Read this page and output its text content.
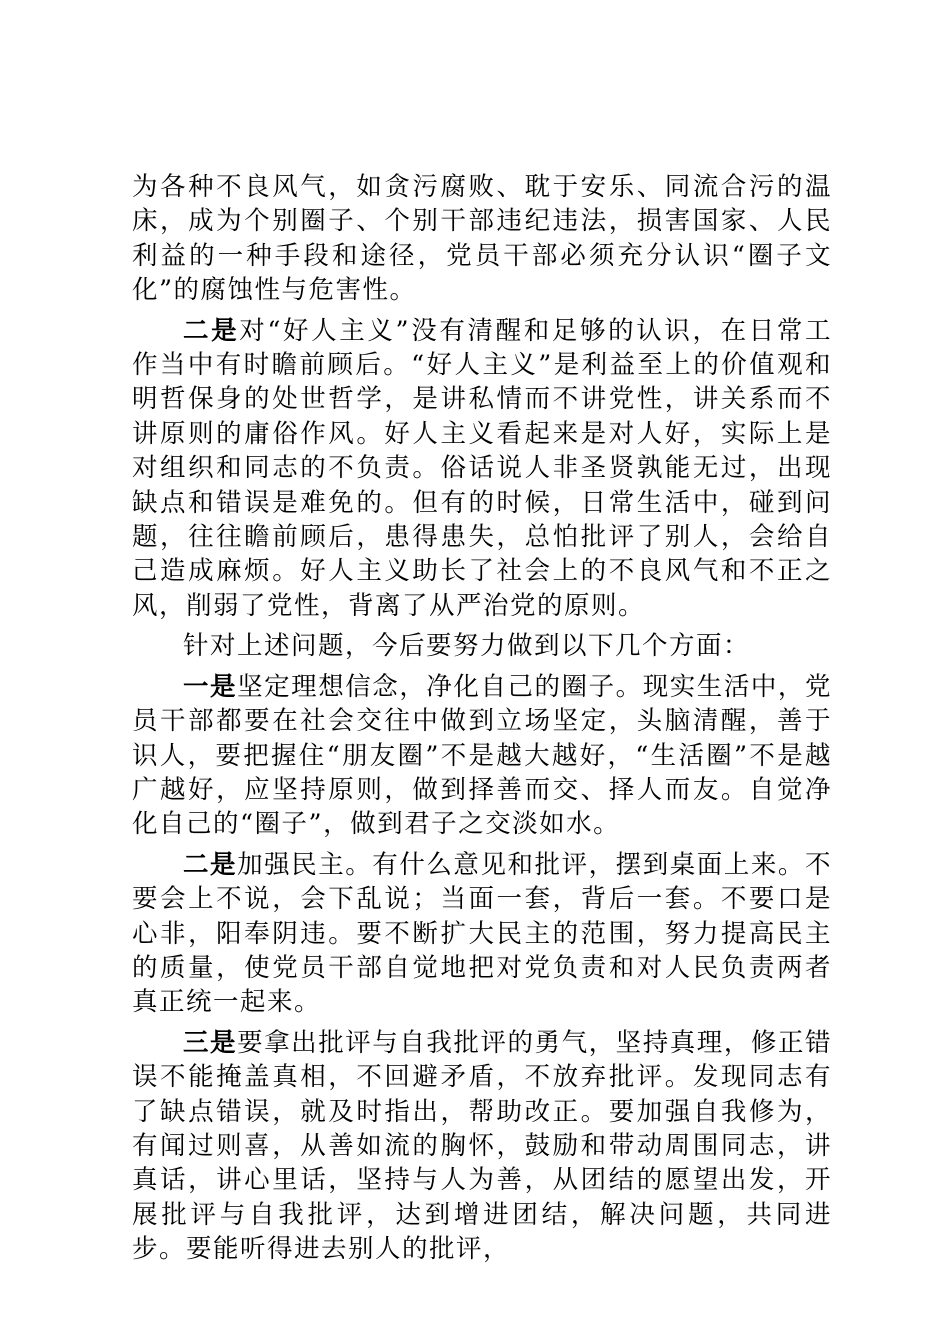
为各种不良风气，如贪污腐败、耽于安乐、同流合污的温床，成为个别圈子、个别干部违纪违法，损害国家、人民利益的一种手段和途径，党员干部必须充分认识“圈子文化”的腐蚀性与危害性。

二是对“好人主义”没有清醒和足够的认识，在日常工作当中有时瞻前顾后。“好人主义”是利益至上的价值观和明哲保身的处世哲学，是讲私情而不讲党性，讲关系而不讲原则的庸俗作风。好人主义看起来是对人好，实际上是对组织和同志的不负责。俗话说人非圣贤孰能无过，出现缺点和错误是难免的。但有的时候，日常生活中，碰到问题，往往瞻前顾后，患得患失，总怕批评了别人，会给自己造成麻烦。好人主义助长了社会上的不良风气和不正之风，削弱了党性，背离了从严治党的原则。

针对上述问题，今后要努力做到以下几个方面：

一是坚定理想信念，净化自己的圈子。现实生活中，党员干部都要在社会交往中做到立场坚定，头脑清醒，善于识人，要把握住“朋友圈”不是越大越好，“生活圈”不是越广越好，应坚持原则，做到择善而交、择人而友。自觉净化自己的“圈子”，做到君子之交淡如水。

二是加强民主。有什么意见和批评，摆到桌面上来。不要会上不说，会下乱说；当面一套，背后一套。不要口是心非，阳奉阴违。要不断扩大民主的范围，努力提高民主的质量，使党员干部自觉地把对党负责和对人民负责两者真正统一起来。

三是要拿出批评与自我批评的勇气，坚持真理，修正错误不能掩盖真相，不回避矛盾，不放弃批评。发现同志有了缺点错误，就及时指出，帮助改正。要加强自我修为，有闻过则喜，从善如流的胸怀，鼓励和带动周围同志，讲真话，讲心里话，坚持与人为善，从团结的愿望出发，开展批评与自我批评，达到增进团结，解决问题，共同进步。要能听得进去别人的批评，
